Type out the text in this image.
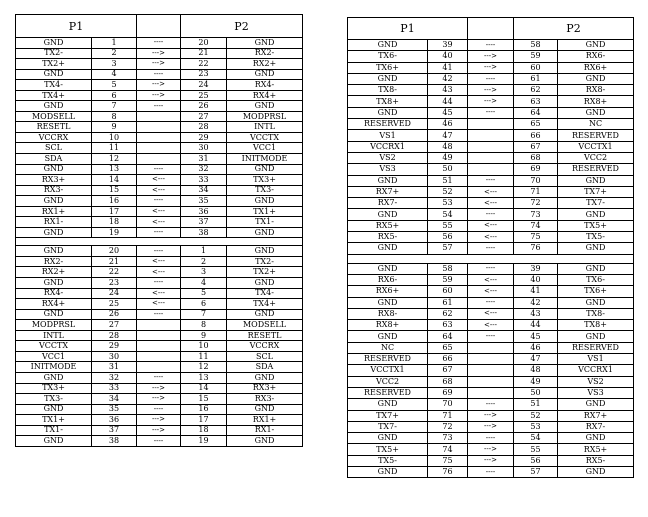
P1			P2	
GND	1	----	20	GND
TX2-	2	--->	21	RX2-
TX2+	3	--->	22	RX2+
GND	4	----	23	GND
TX4-	5	--->	24	RX4-
TX4+	6	--->	25	RX4+
GND	7	----	26	GND
MODSELL	8		27	MODPRSL
RESETL	9		28	INTL
VCCRX	10		29	VCCTX
SCL	11		30	VCC1
SDA	12		31	INITMODE
GND	13	----	32	GND
RX3+	14	<---	33	TX3+
RX3-	15	<---	34	TX3-
GND	16	----	35	GND
RX1+	17	<---	36	TX1+
RX1-	18	<---	37	TX1-
GND	19	----	38	GND

GND	20	----	1	GND
RX2-	21	<---	2	TX2-
RX2+	22	<---	3	TX2+
GND	23	----	4	GND
RX4-	24	<---	5	TX4-
RX4+	25	<---	6	TX4+
GND	26	----	7	GND
MODPRSL	27		8	MODSELL
INTL	28		9	RESETL
VCCTX	29		10	VCCRX
VCC1	30		11	SCL
INITMODE	31		12	SDA
GND	32	----	13	GND
TX3+	33	--->	14	RX3+
TX3-	34	--->	15	RX3-
GND	35	----	16	GND
TX1+	36	--->	17	RX1+
TX1-	37	--->	18	RX1-
GND	38	----	19	GND
P1			P2	
GND	39	----	58	GND
TX6-	40	--->	59	RX6-
TX6+	41	--->	60	RX6+
GND	42	----	61	GND
TX8-	43	--->	62	RX8-
TX8+	44	--->	63	RX8+
GND	45	----	64	GND
RESERVED	46		65	NC
VS1	47		66	RESERVED
VCCRX1	48		67	VCCTX1
VS2	49		68	VCC2
VS3	50		69	RESERVED
GND	51	----	70	GND
RX7+	52	<---	71	TX7+
RX7-	53	<---	72	TX7-
GND	54	----	73	GND
RX5+	55	<---	74	TX5+
RX5-	56	<---	75	TX5-
GND	57	----	76	GND

GND	58	----	39	GND
RX6-	59	<---	40	TX6-
RX6+	60	<---	41	TX6+
GND	61	----	42	GND
RX8-	62	<---	43	TX8-
RX8+	63	<---	44	TX8+
GND	64	----	45	GND
NC	65		46	RESERVED
RESERVED	66		47	VS1
VCCTX1	67		48	VCCRX1
VCC2	68		49	VS2
RESERVED	69		50	VS3
GND	70	----	51	GND
TX7+	71	--->	52	RX7+
TX7-	72	--->	53	RX7-
GND	73	----	54	GND
TX5+	74	--->	55	RX5+
TX5-	75	--->	56	RX5-
GND	76	----	57	GND
